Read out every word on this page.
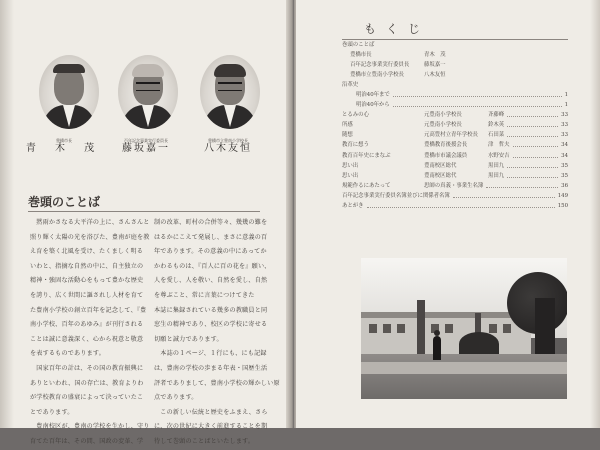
豊橋市長
青 木 茂
百年記念事業実行委員長
藤坂嘉一
豊橋市立豊南小学校長
八木友恒
巻頭のことば
　黙雨かさなる大平洋の上に、さんさんと
照り輝く太陽の光を浴びた、豊南が庭を教
え育を築く北風を受け、たくましく明る
いわと、指摘な自然の中に、自主独立の
精神・強固な活動心をもって豊かな歴史
を誇り、広く世間に謳されし人材を育て
た豊南小学校の創立百年を記念して、『豊
南小学校、百年のあゆみ』が刊行される
ことは誠に意義深く、心から祝意と敬意
を表するものであります。
　国家百年の計は、その国の教育振興に
ありといわれ、国の存亡は、教育よりわ
が学校教育の盛衰によって決っていたこ
とであります。
　豊南校区が、豊南の学校を生かし、守り
育てた百年は、その間、国政の変革、学
制の改革、町村の合併等々、幾幾の難を
はるかにこえて発展し、まさに意義の百
年であります。その意義の中にあってか
かわるものは、『百人に百の花を』願い、
人を愛し、人を敬い、自然を愛し、自然
を尊ぶこと、常に言葉につけてきた
本誌に集録されている幾多の教職員と同
窓生の精神であり、校区の学校に寄せる
切願と誠力であります。
　本誌の１ページ、１行にも、にも記録
は、豊南の学校の歩まる年表・国歴生活
評者でありまして、豊南小学校の輝かしい原
点であります。
　この新しい伝統と歴史をふまえ、さら
に、次の世紀に大きく前進することを期
待して巻頭のことばといたします。
もくじ
巻頭のことば
豊橋市長	青木　茂
百年記念事業実行委員長	藤坂嘉一
豊橋市立豊南小学校長	八木友恒
沿革史
明治40年まで	1
明治40年から	1
とるみの心	元豊南小学校長	斉藤峰	33
所感	元豊南小学校長	鈴木英	33
随想	元高豊村立青年学校長 石田菜	33
教育に想う	豊橋教育後援会長	津　哲夫	34
教育百年史にまなぶ	豊橋市市議会議員	水野安吉	34
思い出	豊南校区総代	黒田九	35
思い出	豊南校区総代	黒田九	35
規範作るにあたって	思師の真義・事業生名簿	36
百年記念事業実行委員名簿並びに関係者名簿	149
あとがき	150
